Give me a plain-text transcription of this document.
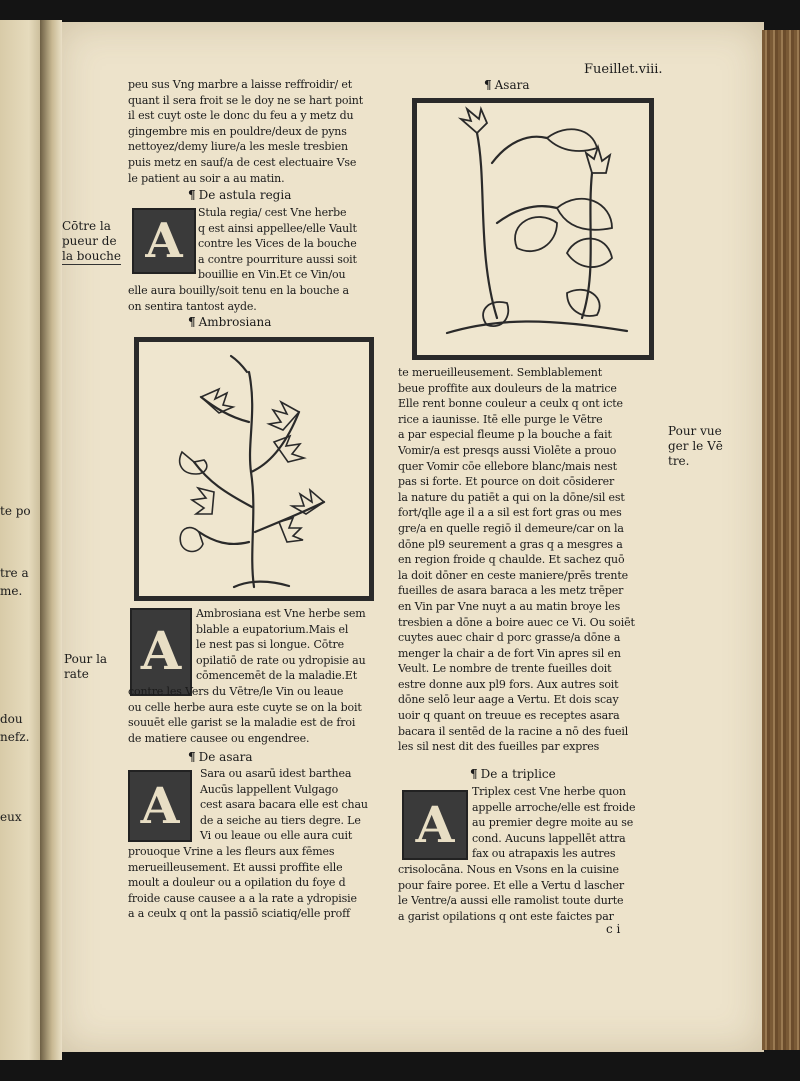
Fueillet.viii.
peu sus Vng marbre a laisse reffroidir/ et
quant il sera froit se le doy ne se hart point
il est cuyt oste le donc du feu a y metz du
gingembre mis en pouldre/deux de pyns
nettoyez/demy liure/a les mesle tresbien
puis metz en sauf/a de cest electuaire Vse
le patient au soir a au matin.
¶ De astula regia
A
Stula regia/ cest Vne herbe
q est ainsi appellee/elle Vault
contre les Vices de la bouche
a contre pourriture aussi soit
bouillie en Vin.Et ce Vin/ou
elle aura bouilly/soit tenu en la bouche a
on sentira tantost ayde.
¶ Ambrosiana
A
Ambrosiana est Vne herbe sem
blable a eupatorium.Mais el
le nest pas si longue. Cōtre
opilatiō de rate ou ydropisie au
cōmencemēt de la maladie.Et
contre les Vers du Vētre/le Vin ou leaue
ou celle herbe aura este cuyte se on la boit
souuēt elle garist se la maladie est de froi
de matiere causee ou engendree.
¶ De asara
A
Sara ou asarū idest barthea
Aucūs lappellent Vulgago
cest asara bacara elle est chau
de a seiche au tiers degre. Le
Vi ou leaue ou elle aura cuit
prouoque Vrine a les fleurs aux fēmes
merueilleusement. Et aussi proffite elle
moult a douleur ou a opilation du foye d
froide cause causee a a la rate a ydropisie
a a ceulx q ont la passiō sciatiq/elle proff
¶ Asara
te merueilleusement. Semblablement
beue proffite aux douleurs de la matrice
Elle rent bonne couleur a ceulx q ont icte
rice a iaunisse. Itē elle purge le Vētre
a par especial fleume p la bouche a fait
Vomir/a est presqs aussi Violēte a prouo
quer Vomir cōe ellebore blanc/mais nest
pas si forte. Et pource on doit cōsiderer
la nature du patiēt a qui on la dōne/sil est
fort/qlle age il a a sil est fort gras ou mes
gre/a en quelle regiō il demeure/car on la
dōne pl9 seurement a gras q a mesgres a
en region froide q chaulde. Et sachez quō
la doit dōner en ceste maniere/prēs trente
fueilles de asara baraca a les metz trēper
en Vin par Vne nuyt a au matin broye les
tresbien a dōne a boire auec ce Vi. Ou soiēt
cuytes auec chair d porc grasse/a dōne a
menger la chair a de fort Vin apres sil en
Veult. Le nombre de trente fueilles doit
estre donne aux pl9 fors. Aux autres soit
dōne selō leur aage a Vertu. Et dois scay
uoir q quant on treuue es receptes asara
bacara il sentēd de la racine a nō des fueil
les sil nest dit des fueilles par expres
¶ De a triplice
A
Triplex cest Vne herbe quon
appelle arroche/elle est froide
au premier degre moite au se
cond. Aucuns lappellēt attra
fax ou atrapaxis les autres
crisolocāna. Nous en Vsons en la cuisine
pour faire poree. Et elle a Vertu d lascher
le Ventre/a aussi elle ramolist toute durte
a garist opilations q ont este faictes par
c i
Cōtre la
pueur de
la bouche
Pour la
rate
Pour vue
ger le Vē
tre.
te po
tre a
me.
dou
nefz.
eux
